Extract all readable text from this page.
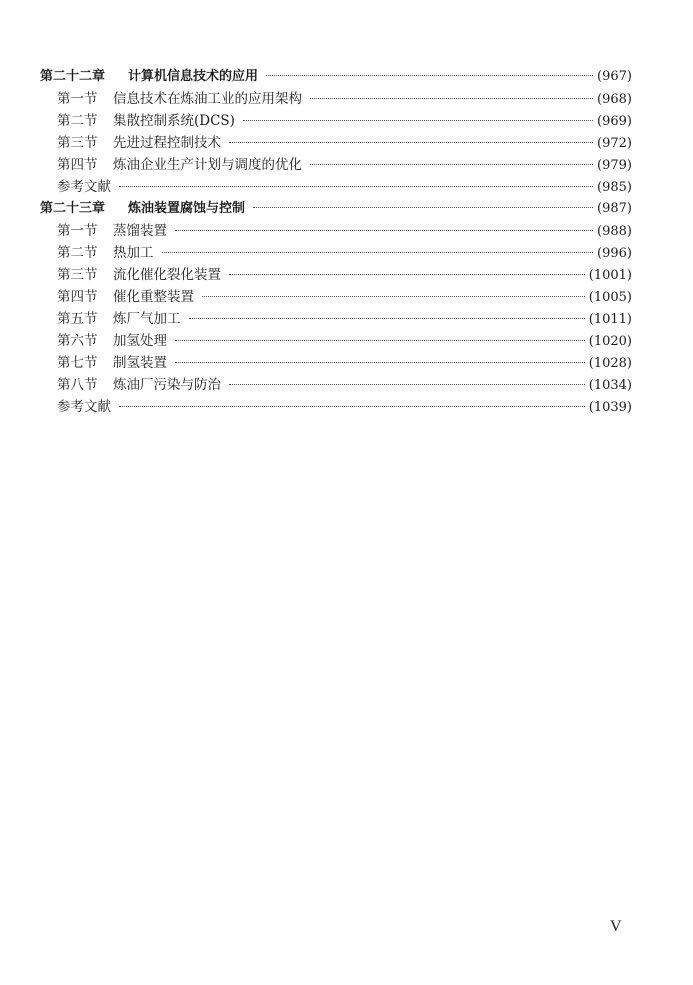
第二十二章	计算机信息技术的应用	(967)
第一节	信息技术在炼油工业的应用架构	(968)
第二节	集散控制系统(DCS)	(969)
第三节	先进过程控制技术	(972)
第四节	炼油企业生产计划与调度的优化	(979)
参考文献	(985)
第二十三章	炼油装置腐蚀与控制	(987)
第一节	蒸馏装置	(988)
第二节	热加工	(996)
第三节	流化催化裂化装置	(1001)
第四节	催化重整装置	(1005)
第五节	炼厂气加工	(1011)
第六节	加氢处理	(1020)
第七节	制氢装置	(1028)
第八节	炼油厂污染与防治	(1034)
参考文献	(1039)
V
